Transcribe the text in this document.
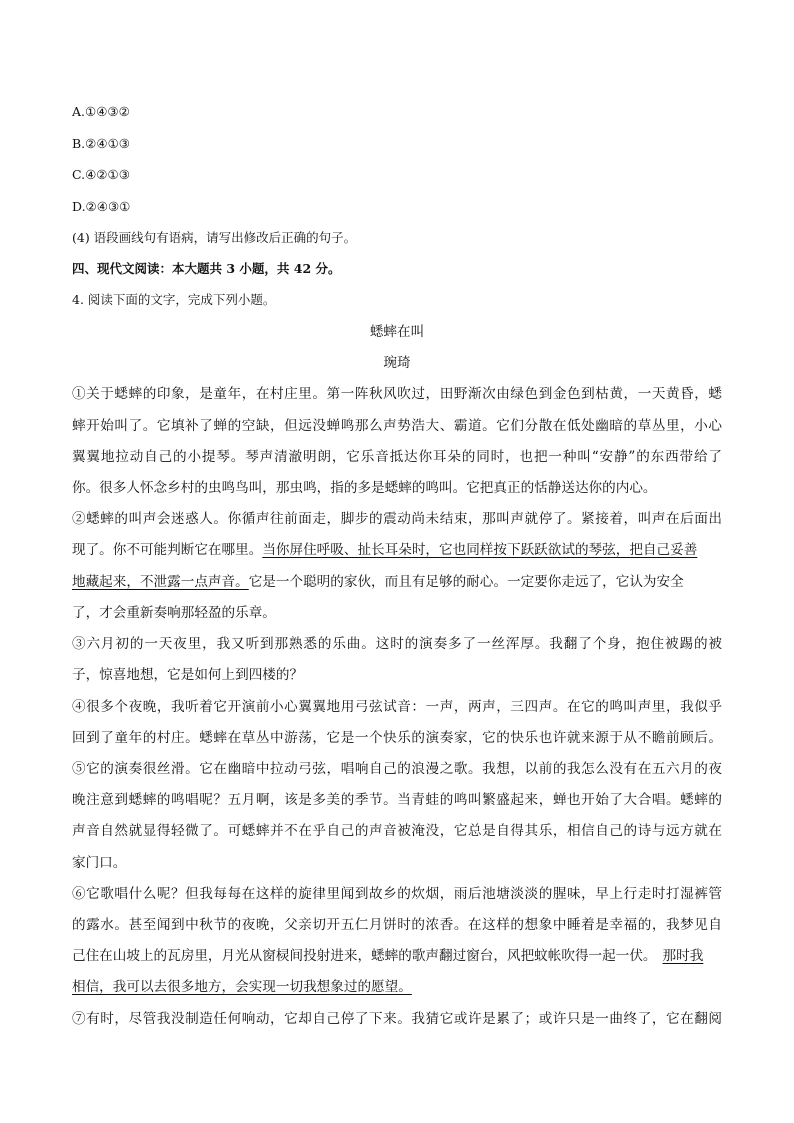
A.①④③②
B.②④①③
C.④②①③
D.②④③①
(4) 语段画线句有语病，请写出修改后正确的句子。
四、现代文阅读：本大题共 3 小题，共 42 分。
4. 阅读下面的文字，完成下列小题。
蟋蟀在叫
琬琦
①关于蟋蟀的印象，是童年，在村庄里。第一阵秋风吹过，田野渐次由绿色到金色到枯黄，一天黄昏，蟋
蟀开始叫了。它填补了蝉的空缺，但远没蝉鸣那么声势浩大、霸道。它们分散在低处幽暗的草丛里，小心
翼翼地拉动自己的小提琴。琴声清澈明朗，它乐音抵达你耳朵的同时，也把一种叫“安静”的东西带给了
你。很多人怀念乡村的虫鸣鸟叫，那虫鸣，指的多是蟋蟀的鸣叫。它把真正的恬静送达你的内心。
②蟋蟀的叫声会迷惑人。你循声往前面走，脚步的震动尚未结束，那叫声就停了。紧接着，叫声在后面出
现了。你不可能判断它在哪里。当你屏住呼吸、扯长耳朵时，它也同样按下跃跃欲试的琴弦，把自己妥善
地藏起来，不泄露一点声音。它是一个聪明的家伙，而且有足够的耐心。一定要你走远了，它认为安全
了，才会重新奏响那轻盈的乐章。
③六月初的一天夜里，我又听到那熟悉的乐曲。这时的演奏多了一丝浑厚。我翻了个身，抱住被踢的被
子，惊喜地想，它是如何上到四楼的？
④很多个夜晚，我听着它开演前小心翼翼地用弓弦试音：一声，两声，三四声。在它的鸣叫声里，我似乎
回到了童年的村庄。蟋蟀在草丛中游荡，它是一个快乐的演奏家，它的快乐也许就来源于从不瞻前顾后。
⑤它的演奏很丝滑。它在幽暗中拉动弓弦，唱响自己的浪漫之歌。我想，以前的我怎么没有在五六月的夜
晚注意到蟋蟀的鸣唱呢？五月啊，该是多美的季节。当青蛙的鸣叫繁盛起来，蝉也开始了大合唱。蟋蟀的
声音自然就显得轻微了。可蟋蟀并不在乎自己的声音被淹没，它总是自得其乐，相信自己的诗与远方就在
家门口。
⑥它歌唱什么呢？但我每每在这样的旋律里闻到故乡的炊烟，雨后池塘淡淡的腥味，早上行走时打湿裤管
的露水。甚至闻到中秋节的夜晚，父亲切开五仁月饼时的浓香。在这样的想象中睡着是幸福的，我梦见自
己住在山坡上的瓦房里，月光从窗棂间投射进来，蟋蟀的歌声翻过窗台，风把蚊帐吹得一起一伏。 那时我
相信，我可以去很多地方，会实现一切我想象过的愿望。
⑦有时，尽管我没制造任何响动，它却自己停了下来。我猜它或许是累了；或许只是一曲终了，它在翻阅
